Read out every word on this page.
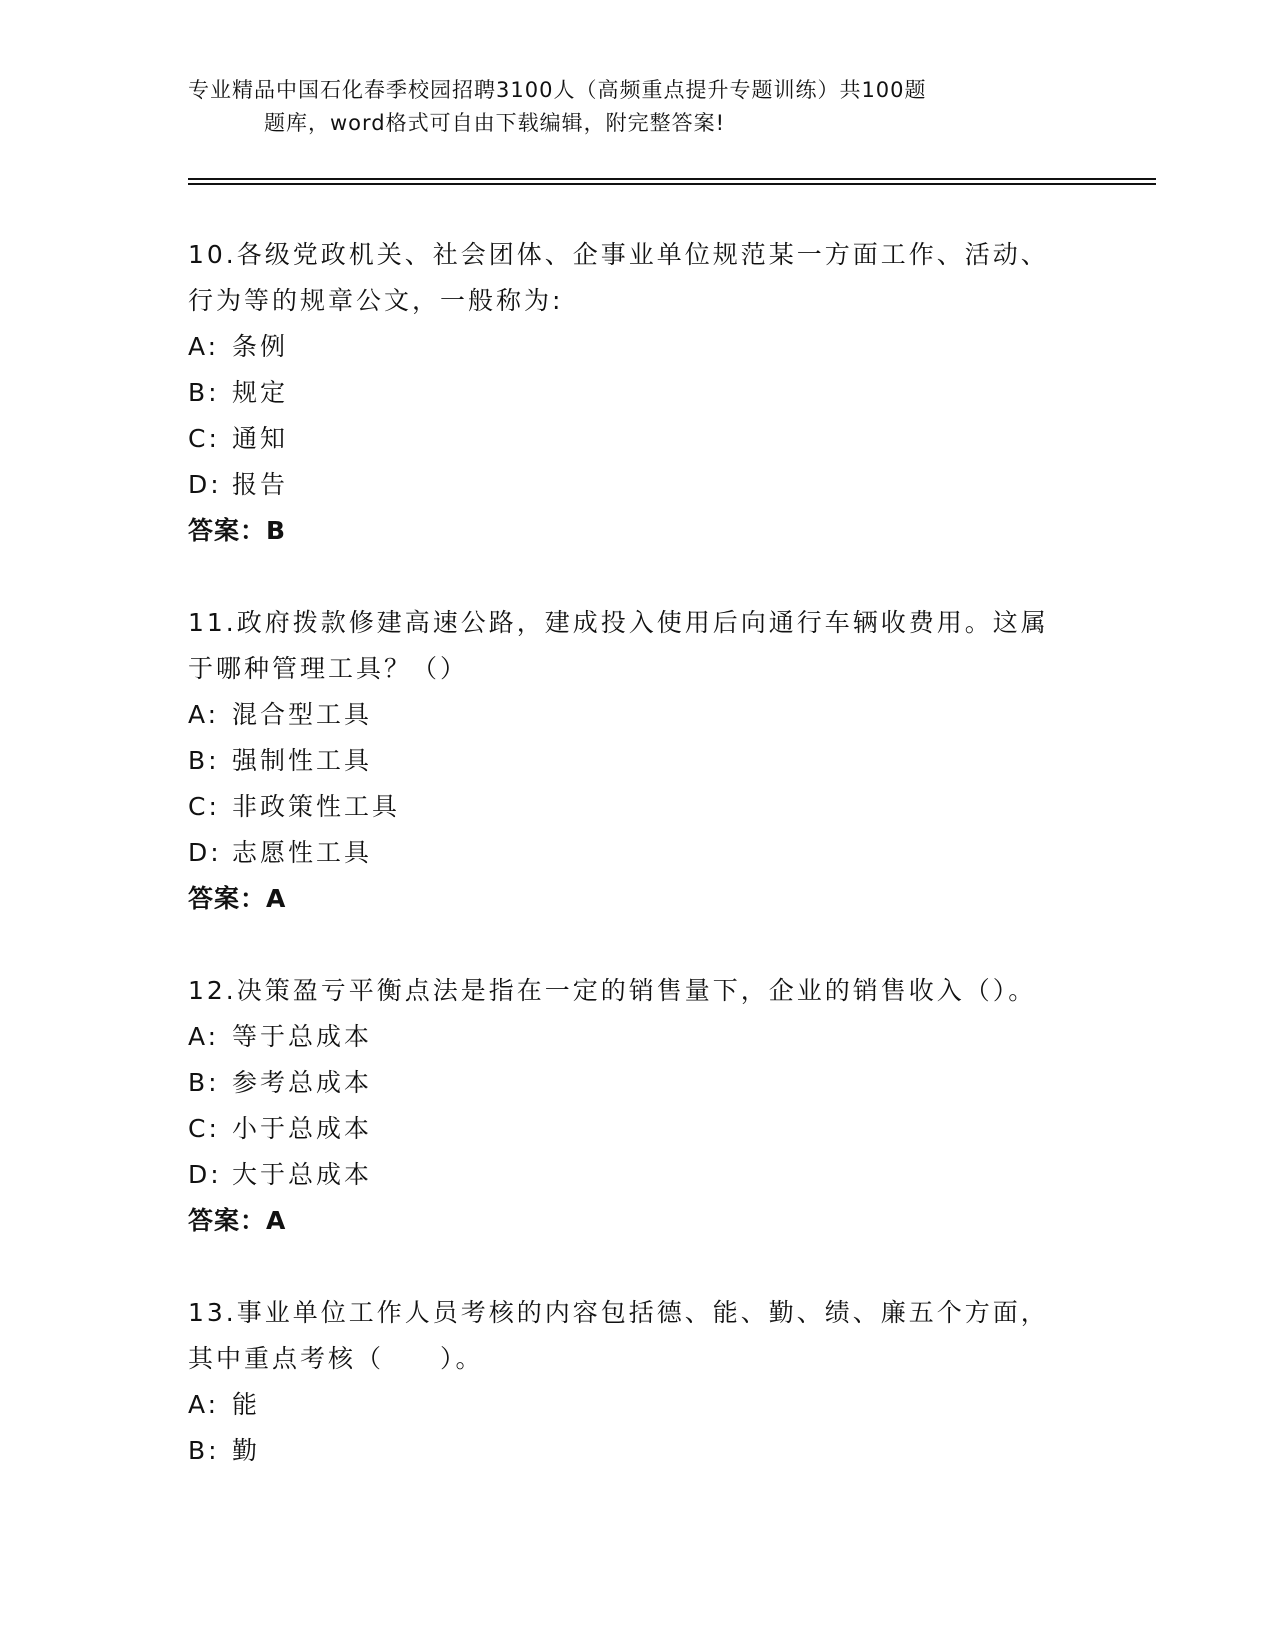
专业精品中国石化春季校园招聘3100人（高频重点提升专题训练）共100题
题库，word格式可自由下载编辑，附完整答案!
10.各级党政机关、社会团体、企事业单位规范某一方面工作、活动、
行为等的规章公文，一般称为:
A: 条例
B: 规定
C: 通知
D: 报告
答案：B
11.政府拨款修建高速公路，建成投入使用后向通行车辆收费用。这属
于哪种管理工具？（）
A: 混合型工具
B: 强制性工具
C: 非政策性工具
D: 志愿性工具
答案：A
12.决策盈亏平衡点法是指在一定的销售量下，企业的销售收入（）。
A: 等于总成本
B: 参考总成本
C: 小于总成本
D: 大于总成本
答案：A
13.事业单位工作人员考核的内容包括德、能、勤、绩、廉五个方面，
其中重点考核（　　）。
A: 能
B: 勤
